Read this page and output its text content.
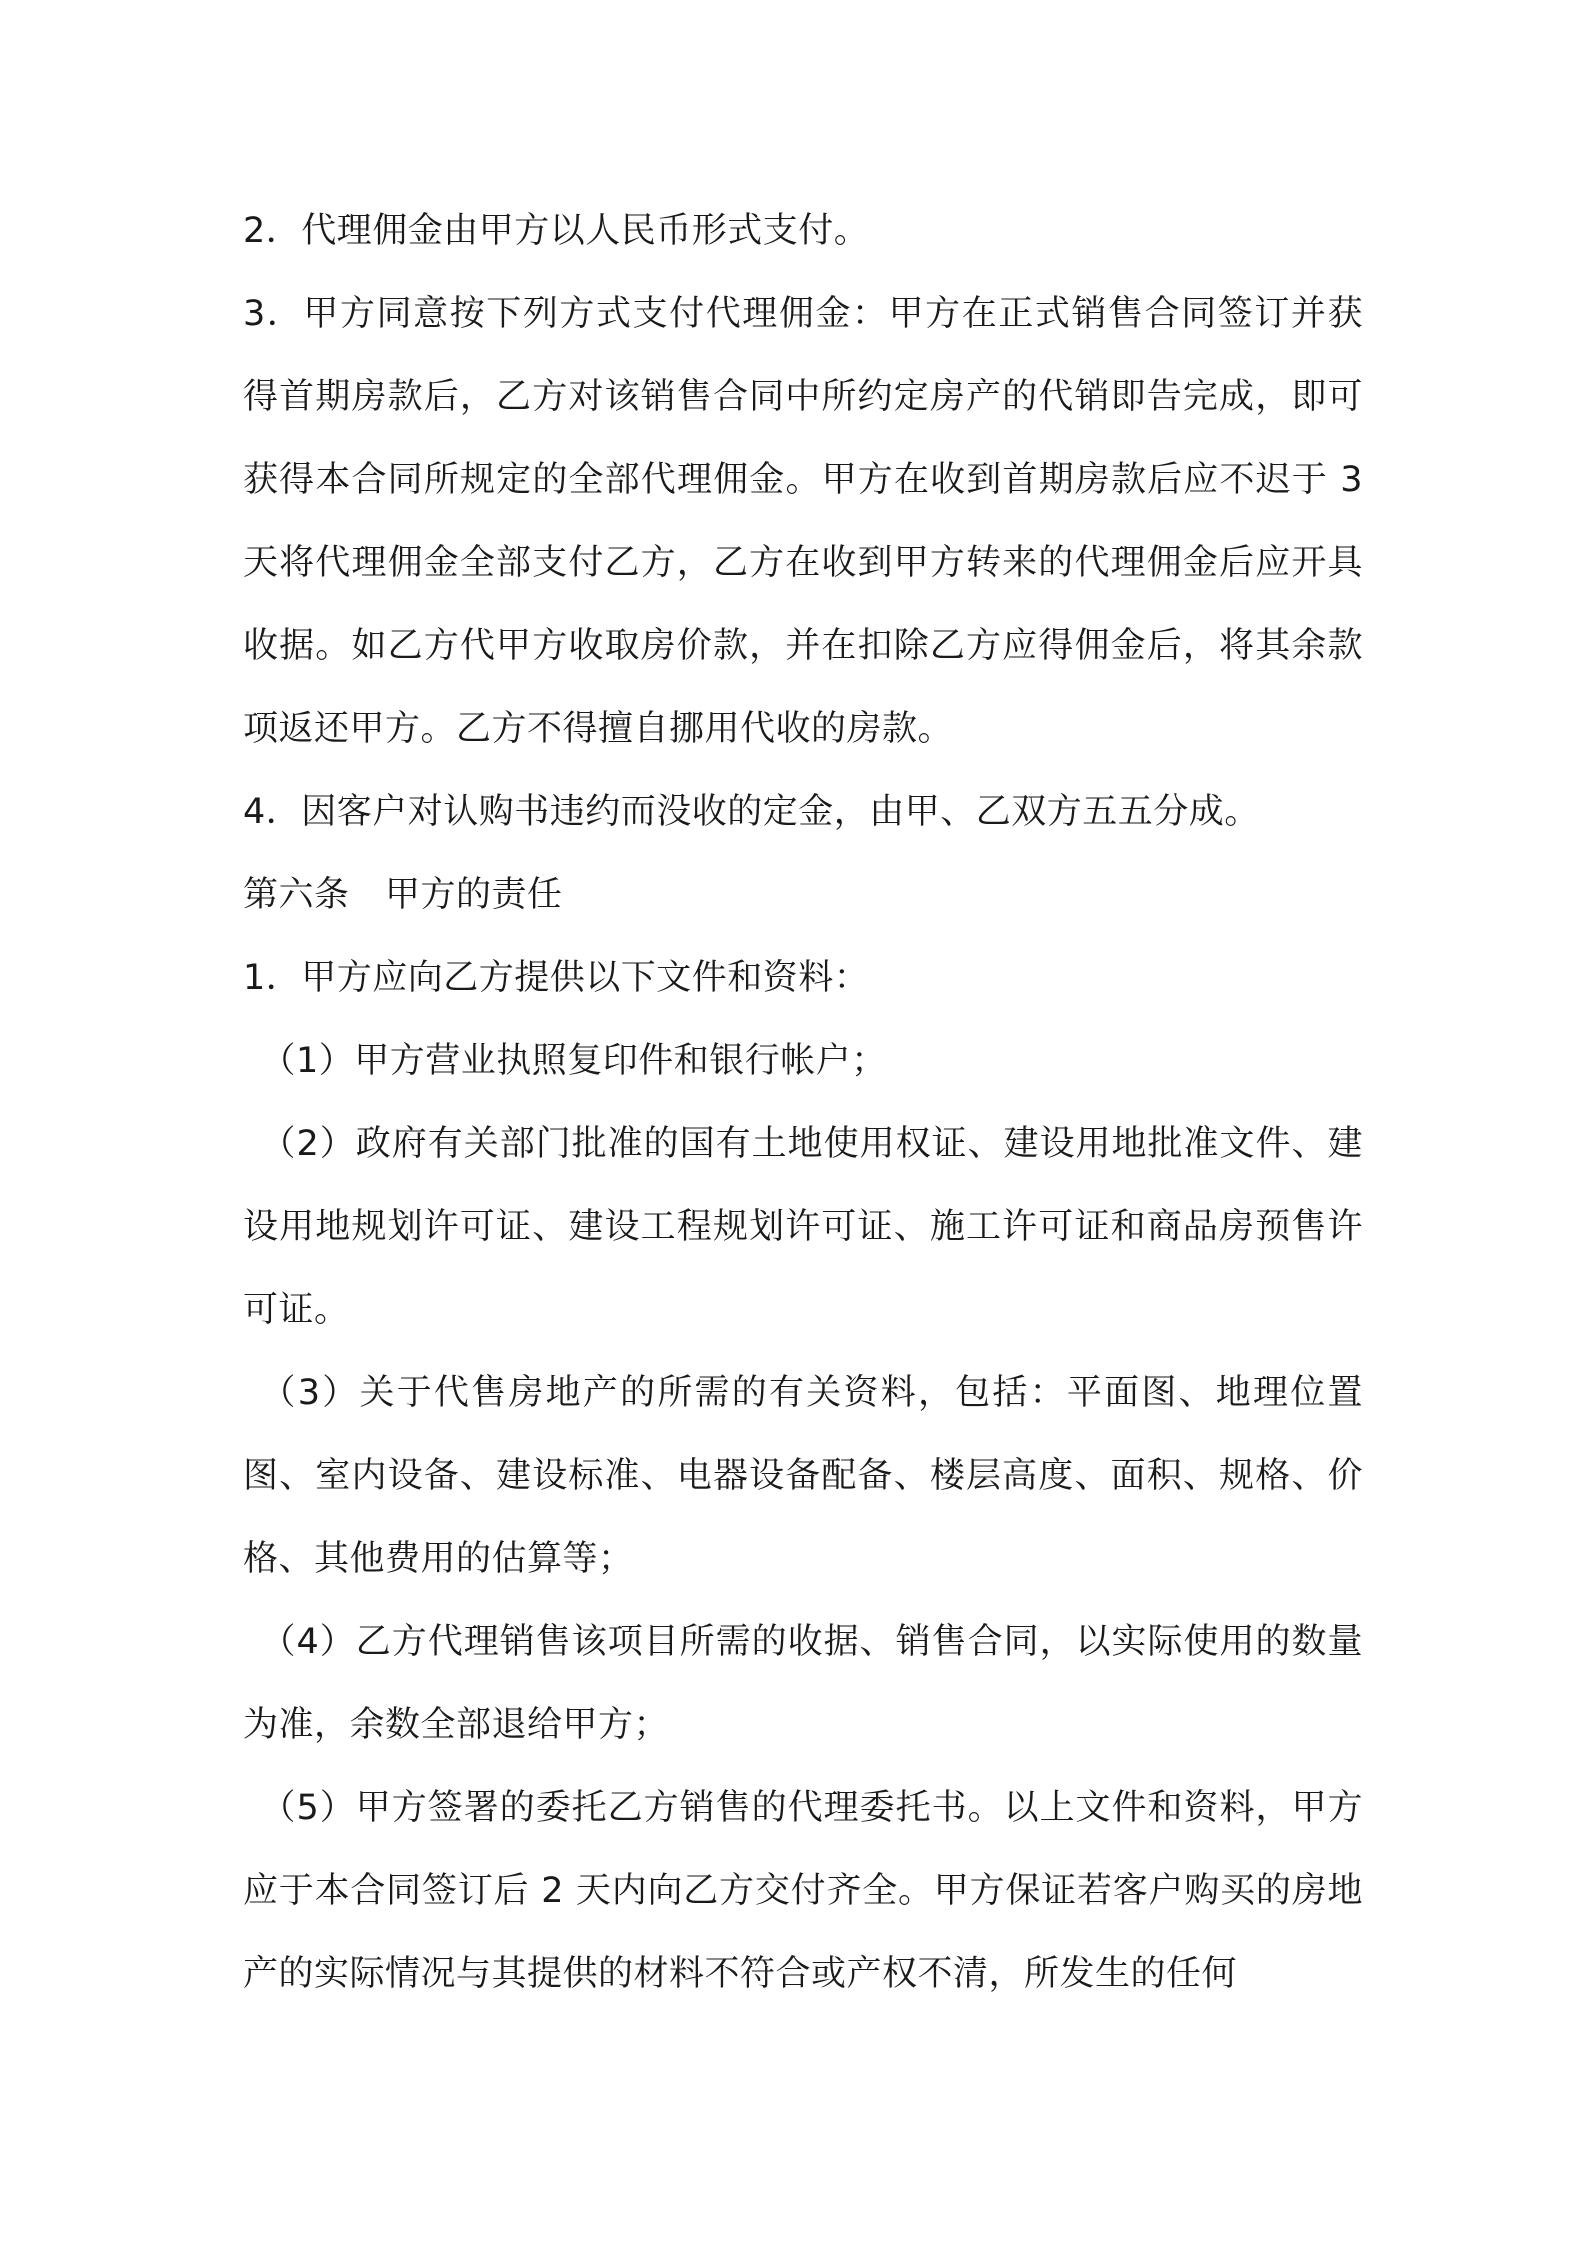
2．代理佣金由甲方以人民币形式支付。

3．甲方同意按下列方式支付代理佣金：甲方在正式销售合同签订并获得首期房款后，乙方对该销售合同中所约定房产的代销即告完成，即可获得本合同所规定的全部代理佣金。甲方在收到首期房款后应不迟于 3 天将代理佣金全部支付乙方，乙方在收到甲方转来的代理佣金后应开具收据。如乙方代甲方收取房价款，并在扣除乙方应得佣金后，将其余款项返还甲方。乙方不得擅自挪用代收的房款。

4．因客户对认购书违约而没收的定金，由甲、乙双方五五分成。

第六条　甲方的责任

1．甲方应向乙方提供以下文件和资料：

（1）甲方营业执照复印件和银行帐户；

（2）政府有关部门批准的国有土地使用权证、建设用地批准文件、建设用地规划许可证、建设工程规划许可证、施工许可证和商品房预售许可证。

（3）关于代售房地产的所需的有关资料，包括：平面图、地理位置图、室内设备、建设标准、电器设备配备、楼层高度、面积、规格、价格、其他费用的估算等；

（4）乙方代理销售该项目所需的收据、销售合同，以实际使用的数量为准，余数全部退给甲方；

（5）甲方签署的委托乙方销售的代理委托书。以上文件和资料，甲方应于本合同签订后 2 天内向乙方交付齐全。甲方保证若客户购买的房地产的实际情况与其提供的材料不符合或产权不清，所发生的任何
